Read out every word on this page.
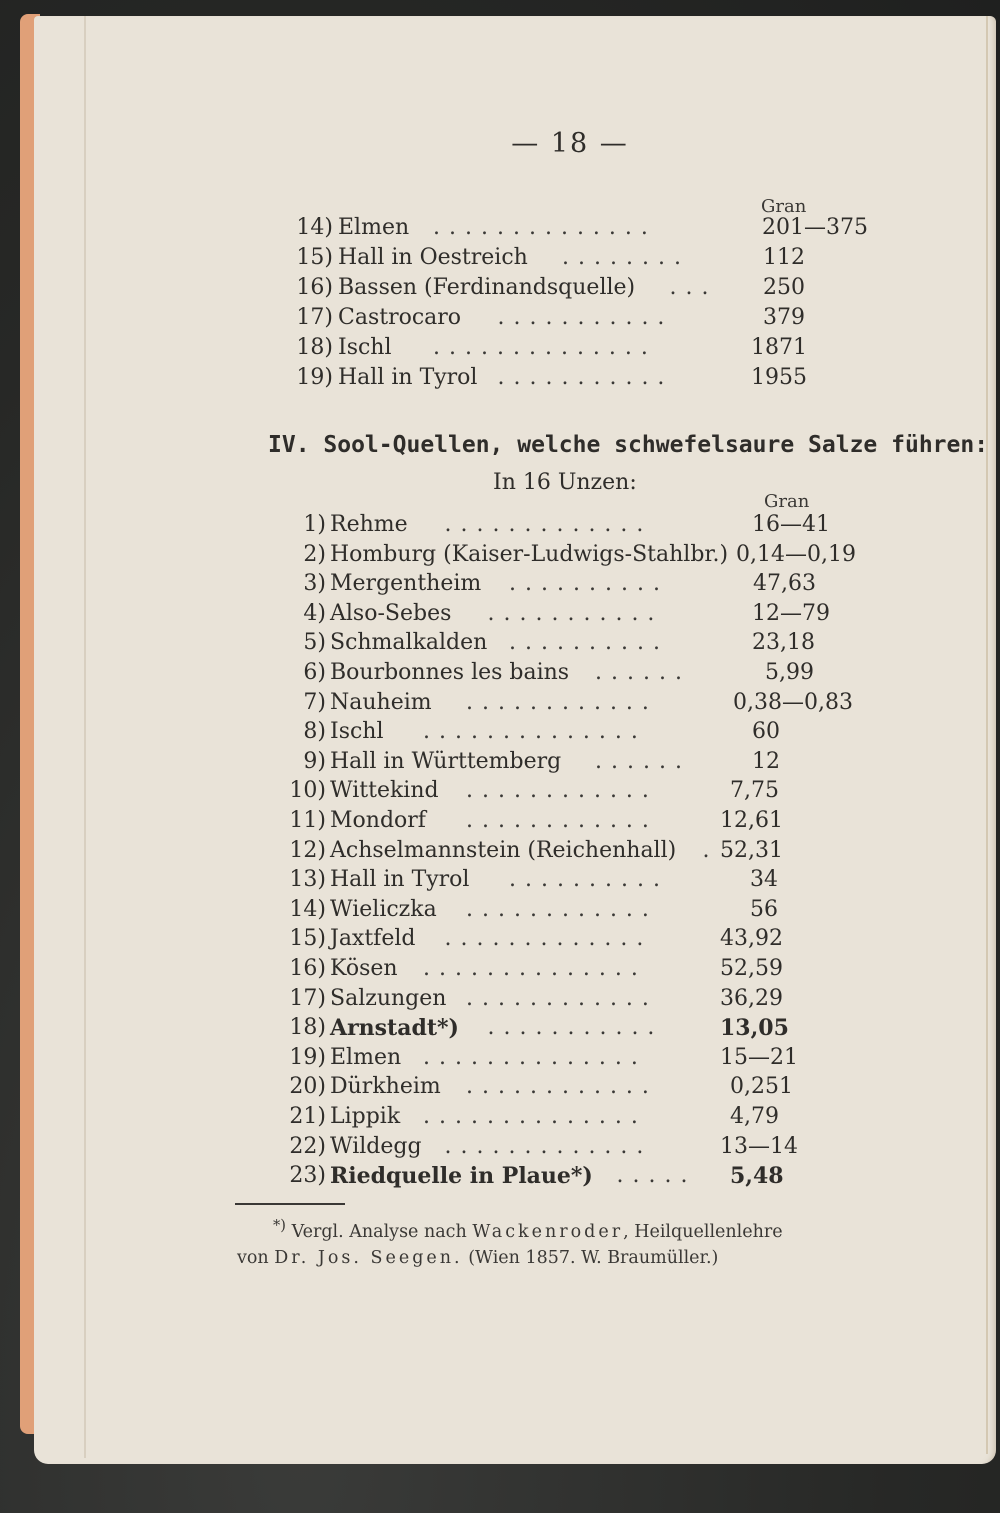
— 18 —
Gran
14) Elmen ..............	201—375
15) Hall in Oestreich ........	112
16) Bassen (Ferdinandsquelle) ... 250
17) Castrocaro ...........	379
18) Ischl ..............	1871
19) Hall in Tyrol ...........	1955
IV. Sool-Quellen, welche schwefelsaure Salze führen:
In 16 Unzen:
Gran
1) Rehme .............	16—41
2) Homburg (Kaiser-Ludwigs-Stahlbr.) 0,14—0,19
3) Mergentheim ..........	47,63
4) Also-Sebes ...........	12—79
5) Schmalkalden ..........	23,18
6) Bourbonnes les bains ......	5,99
7) Nauheim ............	0,38—0,83
8) Ischl ..............	60
9) Hall in Württemberg ......	12
10) Wittekind ............	7,75
11) Mondorf ............	12,61
12) Achselmannstein (Reichenhall) . 52,31
13) Hall in Tyrol ..........	34
14) Wieliczka ............	56
15) Jaxtfeld .............	43,92
16) Kösen ..............	52,59
17) Salzungen ............	36,29
18) Arnstadt*) ...........	13,05
19) Elmen ..............	15—21
20) Dürkheim ............	0,251
21) Lippik ..............	4,79
22) Wildegg .............	13—14
23) Riedquelle in Plaue*) ..... 5,48
*) Vergl. Analyse nach Wackenroder, Heilquellenlehre
von Dr. Jos. Seegen. (Wien 1857. W. Braumüller.)
